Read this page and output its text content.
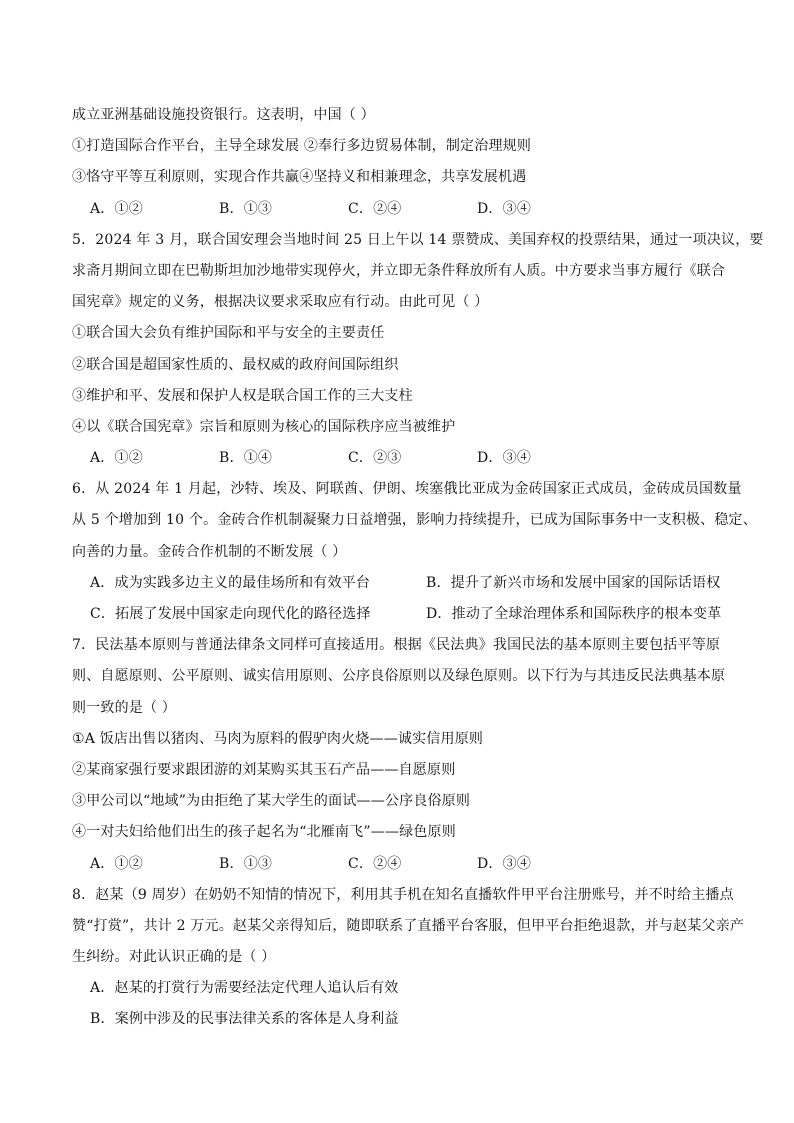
成立亚洲基础设施投资银行。这表明，中国（ ）
①打造国际合作平台，主导全球发展 ②奉行多边贸易体制，制定治理规则
③恪守平等互利原则，实现合作共赢④坚持义和相兼理念，共享发展机遇
A．①②	B．①③	C．②④	D．③④
5．2024 年 3 月，联合国安理会当地时间 25 日上午以 14 票赞成、美国弃权的投票结果，通过一项决议，要
求斋月期间立即在巴勒斯坦加沙地带实现停火，并立即无条件释放所有人质。中方要求当事方履行《联合
国宪章》规定的义务，根据决议要求采取应有行动。由此可见（ ）
①联合国大会负有维护国际和平与安全的主要责任
②联合国是超国家性质的、最权威的政府间国际组织
③维护和平、发展和保护人权是联合国工作的三大支柱
④以《联合国宪章》宗旨和原则为核心的国际秩序应当被维护
A．①②	B．①④	C．②③	D．③④
6．从 2024 年 1 月起，沙特、埃及、阿联酋、伊朗、埃塞俄比亚成为金砖国家正式成员，金砖成员国数量
从 5 个增加到 10 个。金砖合作机制凝聚力日益增强，影响力持续提升，已成为国际事务中一支积极、稳定、
向善的力量。金砖合作机制的不断发展（ ）
A．成为实践多边主义的最佳场所和有效平台	B．提升了新兴市场和发展中国家的国际话语权
C．拓展了发展中国家走向现代化的路径选择	D．推动了全球治理体系和国际秩序的根本变革
7．民法基本原则与普通法律条文同样可直接适用。根据《民法典》我国民法的基本原则主要包括平等原
则、自愿原则、公平原则、诚实信用原则、公序良俗原则以及绿色原则。以下行为与其违反民法典基本原
则一致的是（ ）
①A 饭店出售以猪肉、马肉为原料的假驴肉火烧——诚实信用原则
②某商家强行要求跟团游的刘某购买其玉石产品——自愿原则
③甲公司以“地域”为由拒绝了某大学生的面试——公序良俗原则
④一对夫妇给他们出生的孩子起名为“北雁南飞”——绿色原则
A．①②	B．①③	C．②④	D．③④
8．赵某（9 周岁）在奶奶不知情的情况下，利用其手机在知名直播软件甲平台注册账号，并不时给主播点
赞“打赏”，共计 2 万元。赵某父亲得知后，随即联系了直播平台客服，但甲平台拒绝退款，并与赵某父亲产
生纠纷。对此认识正确的是（ ）
A．赵某的打赏行为需要经法定代理人追认后有效
B．案例中涉及的民事法律关系的客体是人身利益
